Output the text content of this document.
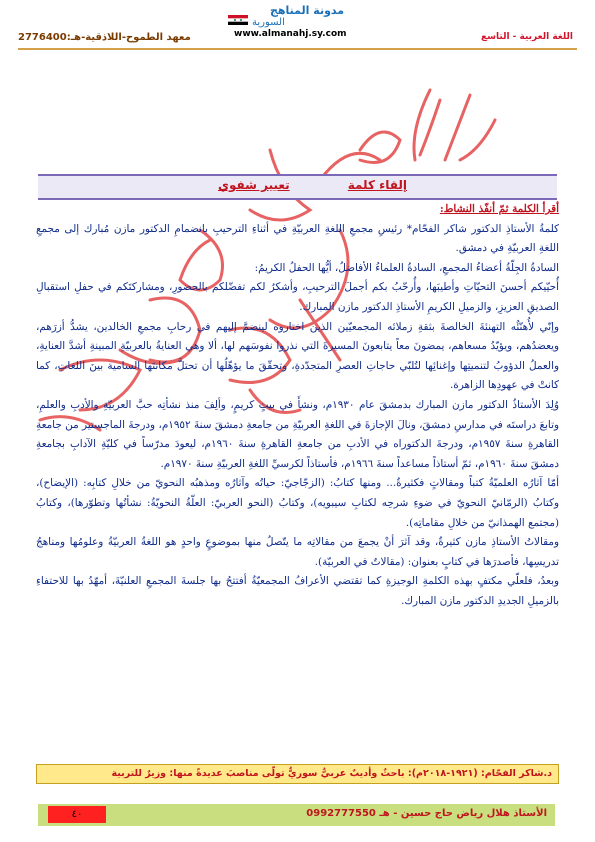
مدونة المناهج
السورية
www.almanahj.sy.com
معهد الطموح-اللاذقية-هـ:2776400	اللغة العربية - التاسع
إلقاء كلمة
تعبير شفوي

أقرأ الكلمة ثمّ أنفّذ النشاط:

كلمةُ الأستاذِ الدكتور شاكر الفحّام* رئيسِ مجمعِ اللغةِ العربيّةِ في أثناءِ الترحيبِ بانضمامِ الدكتور مازن مُبارك إلى مجمعِ اللغةِ العربيّةِ في دمشق.

السادةُ الجِلّةُ أعضاءُ المجمعِ، السادةُ العلماءُ الأفاضلُ، أيُّها الحفلُ الكريمُ:

أُحيّيكم أحسنَ التحيّاتِ وأطيبَها، وأُرحّبُ بكم أجملَ الترحيبِ، وأشكرُ لكم تفضّلكم بالحضورِ، ومشاركتَكم في حفلِ استقبالِ الصديقِ العزيزِ، والزميلِ الكريمِ الأستاذِ الدكتور مازن المبارك.

وإنّي لأُهنّئُه التهنئةَ الخالصةَ بثقةِ زملائه المجمعيّين الذين اختاروه لينضمَّ إليهم في رحابِ مجمعِ الخالدين، يشدُّ أزرَهم، ويعضدُهم، ويؤيّدُ مسعاهم، يمضونَ معاً يتابعونَ المسيرةَ التي نذروا نفوسَهم لها، ألا وهي العنايةُ بالعربيّةِ المبينةِ أشدَّ العنايةِ، والعملُ الدؤوبُ لتنميتِها وإغنائِها لتُلبّي حاجاتِ العصرِ المتجدّدةِ، وتحقّقَ ما يؤهّلُها أن تحتلَّ مكانتَها السامية بينَ اللغاتِ، كما كانتْ في عهودِها الزاهرة.

وُلِدَ الأستاذُ الدكتور مازن المبارك بدمشقَ عام ١٩٣٠م، ونشأَ في بيتٍ كريمٍ، وألِفَ منذ نشأتِه حبَّ العربيّةِ والأدبِ والعلمِ، وتابعَ دراستَه في مدارسِ دمشقَ، ونالَ الإجازةَ في اللغةِ العربيّةِ من جامعةِ دمشقَ سنةَ ١٩٥٢م، ودرجةَ الماجستير من جامعةِ القاهرةِ سنةَ ١٩٥٧م، ودرجةَ الدكتوراه في الأدبِ من جامعةِ القاهرةِ سنةَ ١٩٦٠م، ليعودَ مدرّساً في كليّةِ الآدابِ بجامعةِ دمشقَ سنةَ ١٩٦٠م، ثمّ أستاذاً مساعداً سنةَ ١٩٦٦م، فأستاذاً لكرسيِّ اللغةِ العربيّةِ سنةَ ١٩٧٠م.

أمّا آثارُه العلميّةُ كتباً ومقالاتٍ فكثيرةٌ... ومنها كتابُ: (الزجّاجيّ: حياتُه وآثارُه ومذهبُه النحويّ من خلالِ كتابِه: (الإيضاح)، وكتابُ (الرمّانيّ النحويّ في ضوءِ شرحِه لكتابِ سيبويه)، وكتابُ (النحو العربيّ: العلّةُ النحويّةُ: نشأتُها وتطوّرها)، وكتابُ (مجتمع الهمذانيّ من خلالِ مقاماتِه).

ومقالاتُ الأستاذِ مازن كثيرةٌ، وقد آثرَ أنْ يجمعَ من مقالاتِه ما يتّصلُ منها بموضوعٍ واحدٍ هو اللغةُ العربيّةُ وعلومُها ومناهجُ تدريسِها، فأصدرَها في كتابٍ بعنوان: (مقالاتٌ في العربيّة).

وبعدُ، فلعلّي مكتفٍ بهذه الكلمةِ الوجيزةِ كما تقتضي الأعرافُ المجمعيّةُ أفتتحُ بها جلسةَ المجمعِ العلنيّةَ، أمهّدُ بها للاحتفاءِ بالزميلِ الجديدِ الدكتور مازن المبارك.

د.شاكر الفحّام: (١٩٢١-٢٠١٨م): باحثٌ وأديبٌ عربيٌّ سوريٌّ تولّى مناصبَ عديدةً منها: وزيرٌ للتربية
الأستاذ هلال رياض حاج حسين - هـ 0992777550
٤٠
